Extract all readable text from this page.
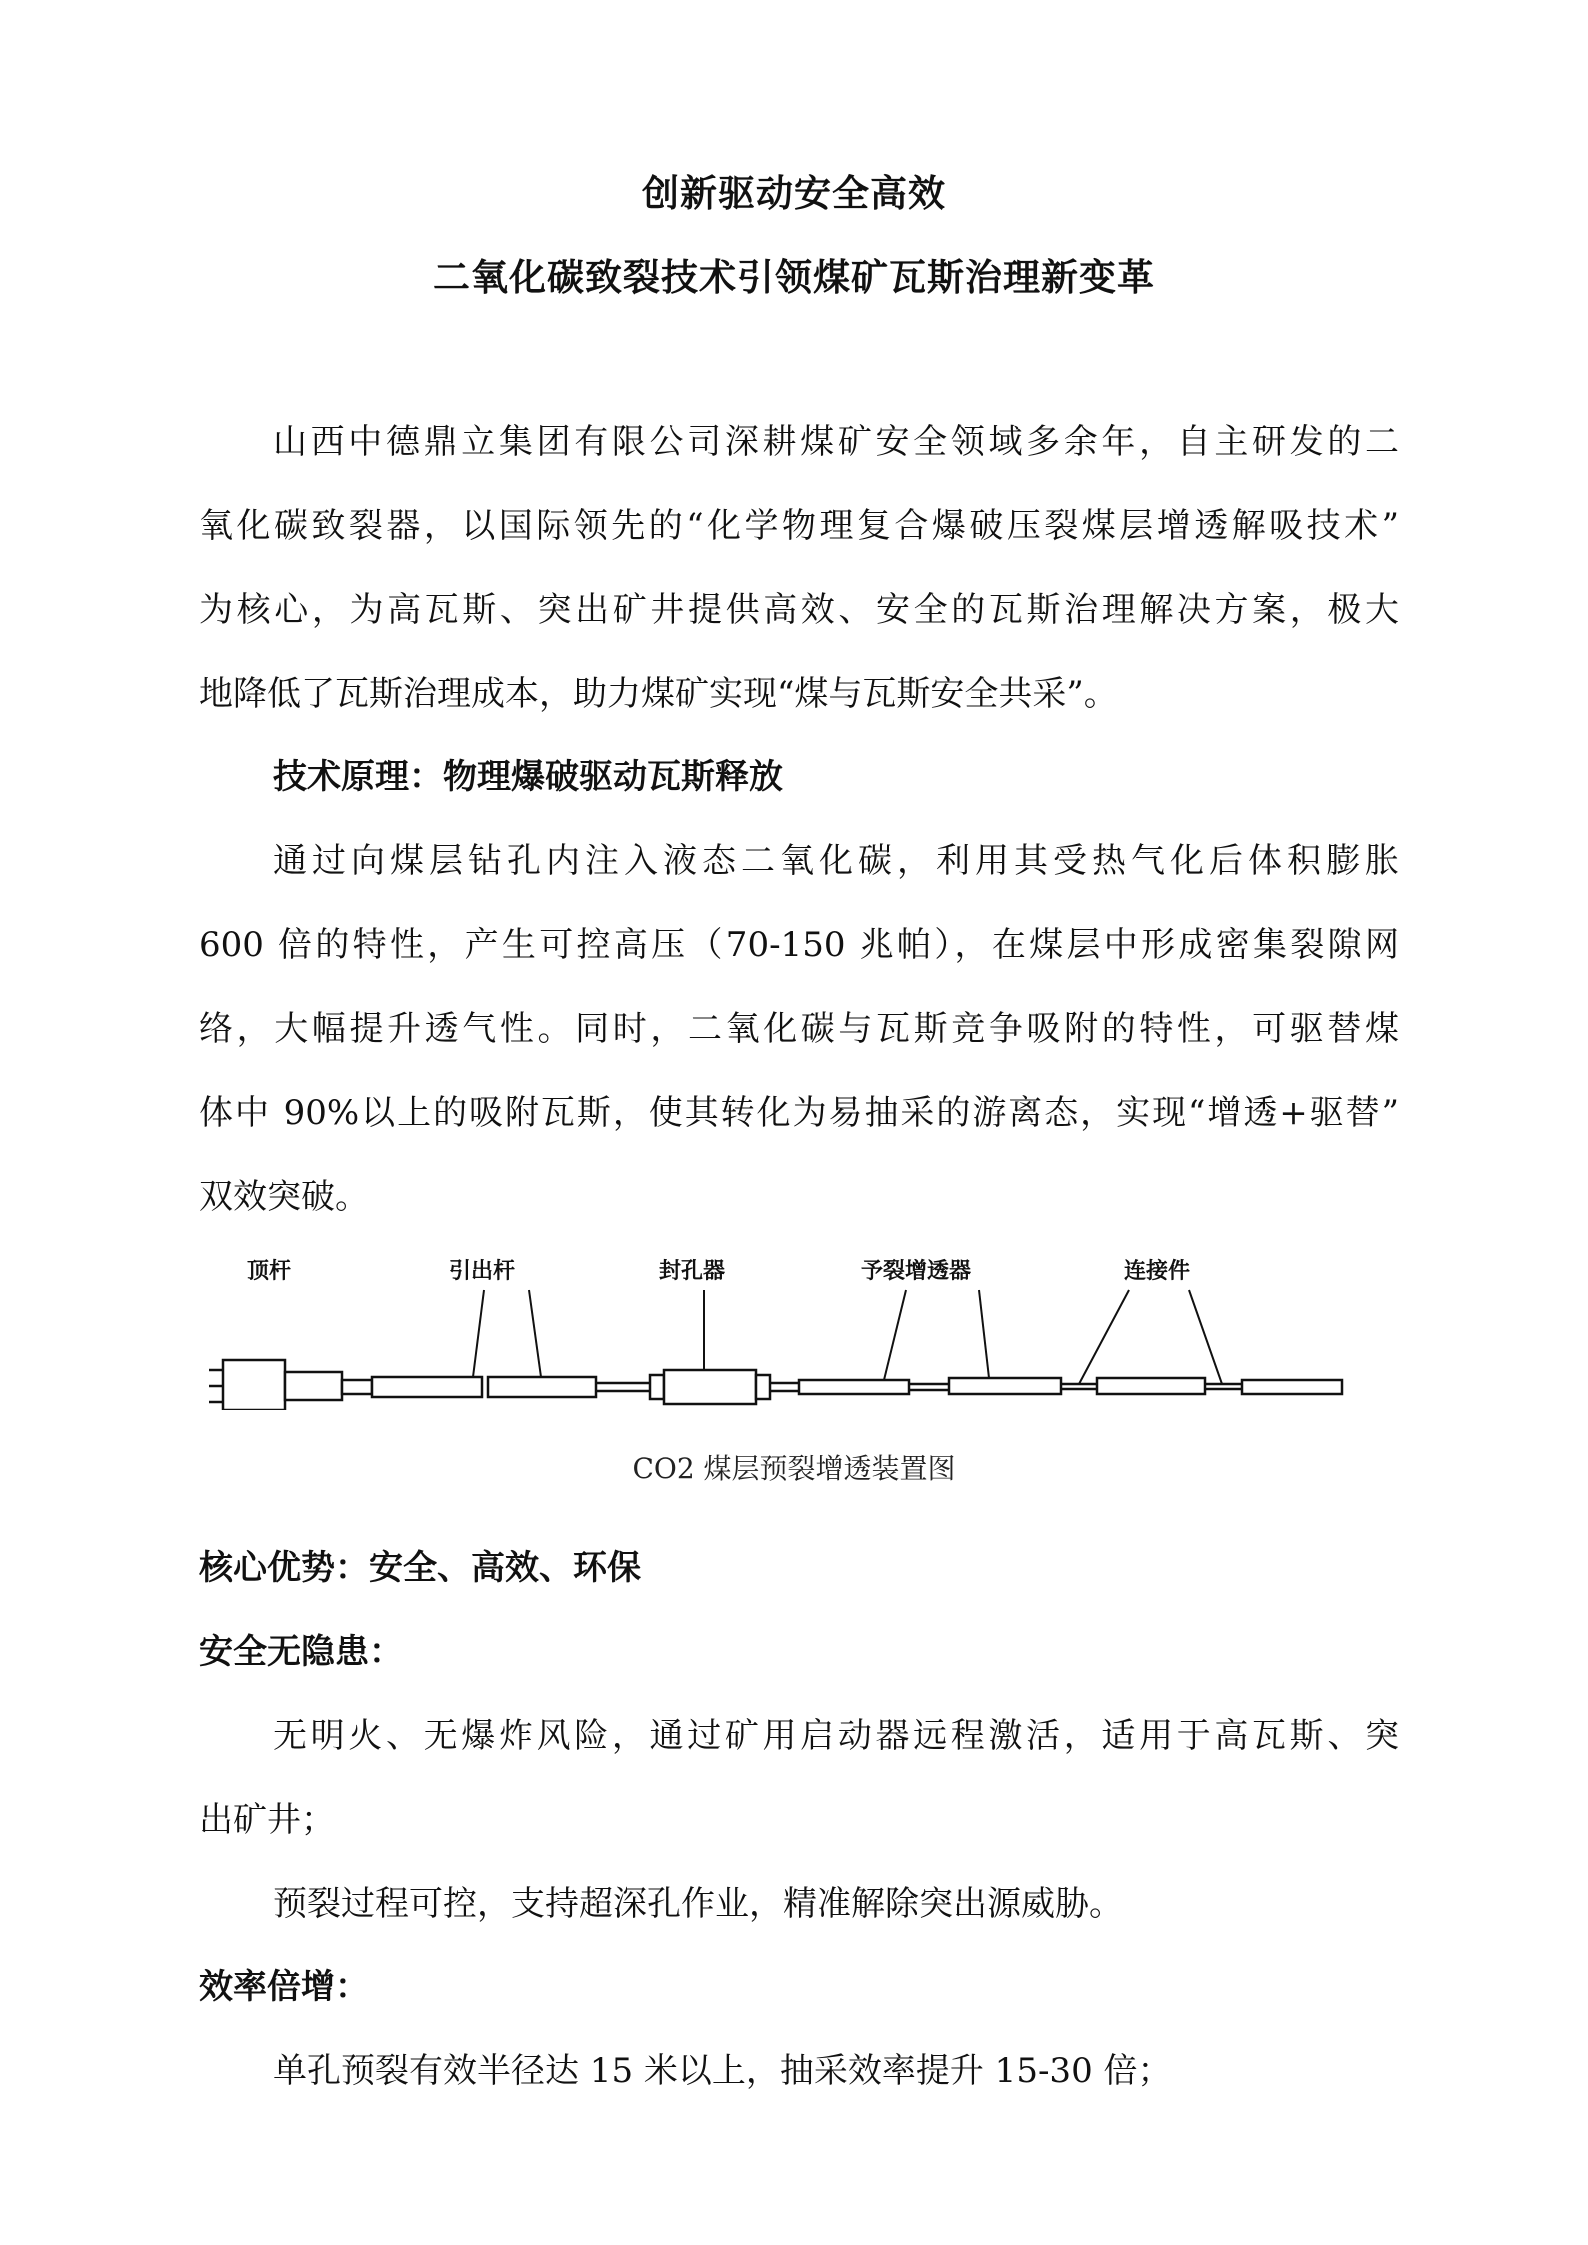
创新驱动安全高效
二氧化碳致裂技术引领煤矿瓦斯治理新变革
山西中德鼎立集团有限公司深耕煤矿安全领域多余年，自主研发的二
氧化碳致裂器，以国际领先的“化学物理复合爆破压裂煤层增透解吸技术”
为核心，为高瓦斯、突出矿井提供高效、安全的瓦斯治理解决方案，极大
地降低了瓦斯治理成本，助力煤矿实现“煤与瓦斯安全共采”。
技术原理：物理爆破驱动瓦斯释放
通过向煤层钻孔内注入液态二氧化碳，利用其受热气化后体积膨胀
600 倍的特性，产生可控高压（70-150 兆帕），在煤层中形成密集裂隙网
络，大幅提升透气性。同时，二氧化碳与瓦斯竞争吸附的特性，可驱替煤
体中 90%以上的吸附瓦斯，使其转化为易抽采的游离态，实现“增透+驱替”
双效突破。
顶杆	引出杆	封孔器	予裂增透器	连接件
CO2 煤层预裂增透装置图
核心优势：安全、高效、环保
安全无隐患：
无明火、无爆炸风险，通过矿用启动器远程激活，适用于高瓦斯、突
出矿井；
预裂过程可控，支持超深孔作业，精准解除突出源威胁。
效率倍增：
单孔预裂有效半径达 15 米以上，抽采效率提升 15-30 倍；
